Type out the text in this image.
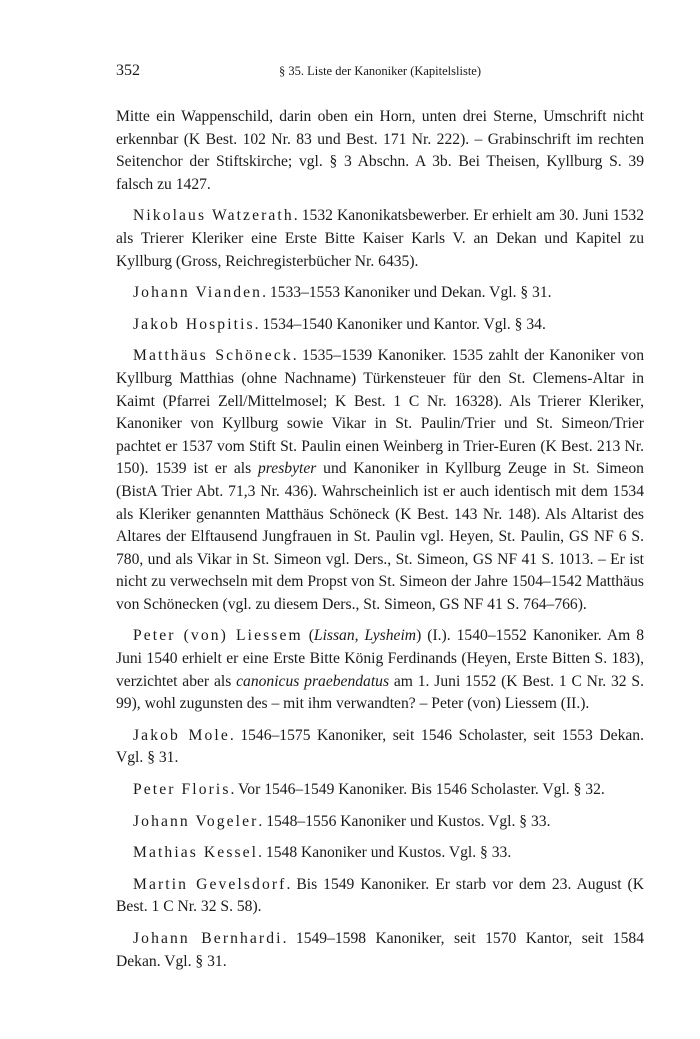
352	§ 35. Liste der Kanoniker (Kapitelsliste)

Mitte ein Wappenschild, darin oben ein Horn, unten drei Sterne, Umschrift nicht erkennbar (K Best. 102 Nr. 83 und Best. 171 Nr. 222). – Grabinschrift im rechten Seitenchor der Stiftskirche; vgl. § 3 Abschn. A 3b. Bei Theisen, Kyllburg S. 39 falsch zu 1427.

Nikolaus Watzerath. 1532 Kanonikatsbewerber. Er erhielt am 30. Juni 1532 als Trierer Kleriker eine Erste Bitte Kaiser Karls V. an Dekan und Kapitel zu Kyllburg (Gross, Reichregisterbücher Nr. 6435).

Johann Vianden. 1533–1553 Kanoniker und Dekan. Vgl. § 31.

Jakob Hospitis. 1534–1540 Kanoniker und Kantor. Vgl. § 34.

Matthäus Schöneck. 1535–1539 Kanoniker. 1535 zahlt der Kanoniker von Kyllburg Matthias (ohne Nachname) Türkensteuer für den St. Clemens-Altar in Kaimt (Pfarrei Zell/Mittelmosel; K Best. 1 C Nr. 16328). Als Trierer Kleriker, Kanoniker von Kyllburg sowie Vikar in St. Paulin/Trier und St. Simeon/Trier pachtet er 1537 vom Stift St. Paulin einen Weinberg in Trier-Euren (K Best. 213 Nr. 150). 1539 ist er als presbyter und Kanoniker in Kyllburg Zeuge in St. Simeon (BistA Trier Abt. 71,3 Nr. 436). Wahrscheinlich ist er auch identisch mit dem 1534 als Kleriker genannten Matthäus Schöneck (K Best. 143 Nr. 148). Als Altarist des Altares der Elftausend Jungfrauen in St. Paulin vgl. Heyen, St. Paulin, GS NF 6 S. 780, und als Vikar in St. Simeon vgl. Ders., St. Simeon, GS NF 41 S. 1013. – Er ist nicht zu verwechseln mit dem Propst von St. Simeon der Jahre 1504–1542 Matthäus von Schönecken (vgl. zu diesem Ders., St. Simeon, GS NF 41 S. 764–766).

Peter (von) Liessem (Lissan, Lysheim) (I.). 1540–1552 Kanoniker. Am 8 Juni 1540 erhielt er eine Erste Bitte König Ferdinands (Heyen, Erste Bitten S. 183), verzichtet aber als canonicus praebendatus am 1. Juni 1552 (K Best. 1 C Nr. 32 S. 99), wohl zugunsten des – mit ihm verwandten? – Peter (von) Liessem (II.).

Jakob Mole. 1546–1575 Kanoniker, seit 1546 Scholaster, seit 1553 Dekan. Vgl. § 31.

Peter Floris. Vor 1546–1549 Kanoniker. Bis 1546 Scholaster. Vgl. § 32.

Johann Vogeler. 1548–1556 Kanoniker und Kustos. Vgl. § 33.

Mathias Kessel. 1548 Kanoniker und Kustos. Vgl. § 33.

Martin Gevelsdorf. Bis 1549 Kanoniker. Er starb vor dem 23. August (K Best. 1 C Nr. 32 S. 58).

Johann Bernhardi. 1549–1598 Kanoniker, seit 1570 Kantor, seit 1584 Dekan. Vgl. § 31.
